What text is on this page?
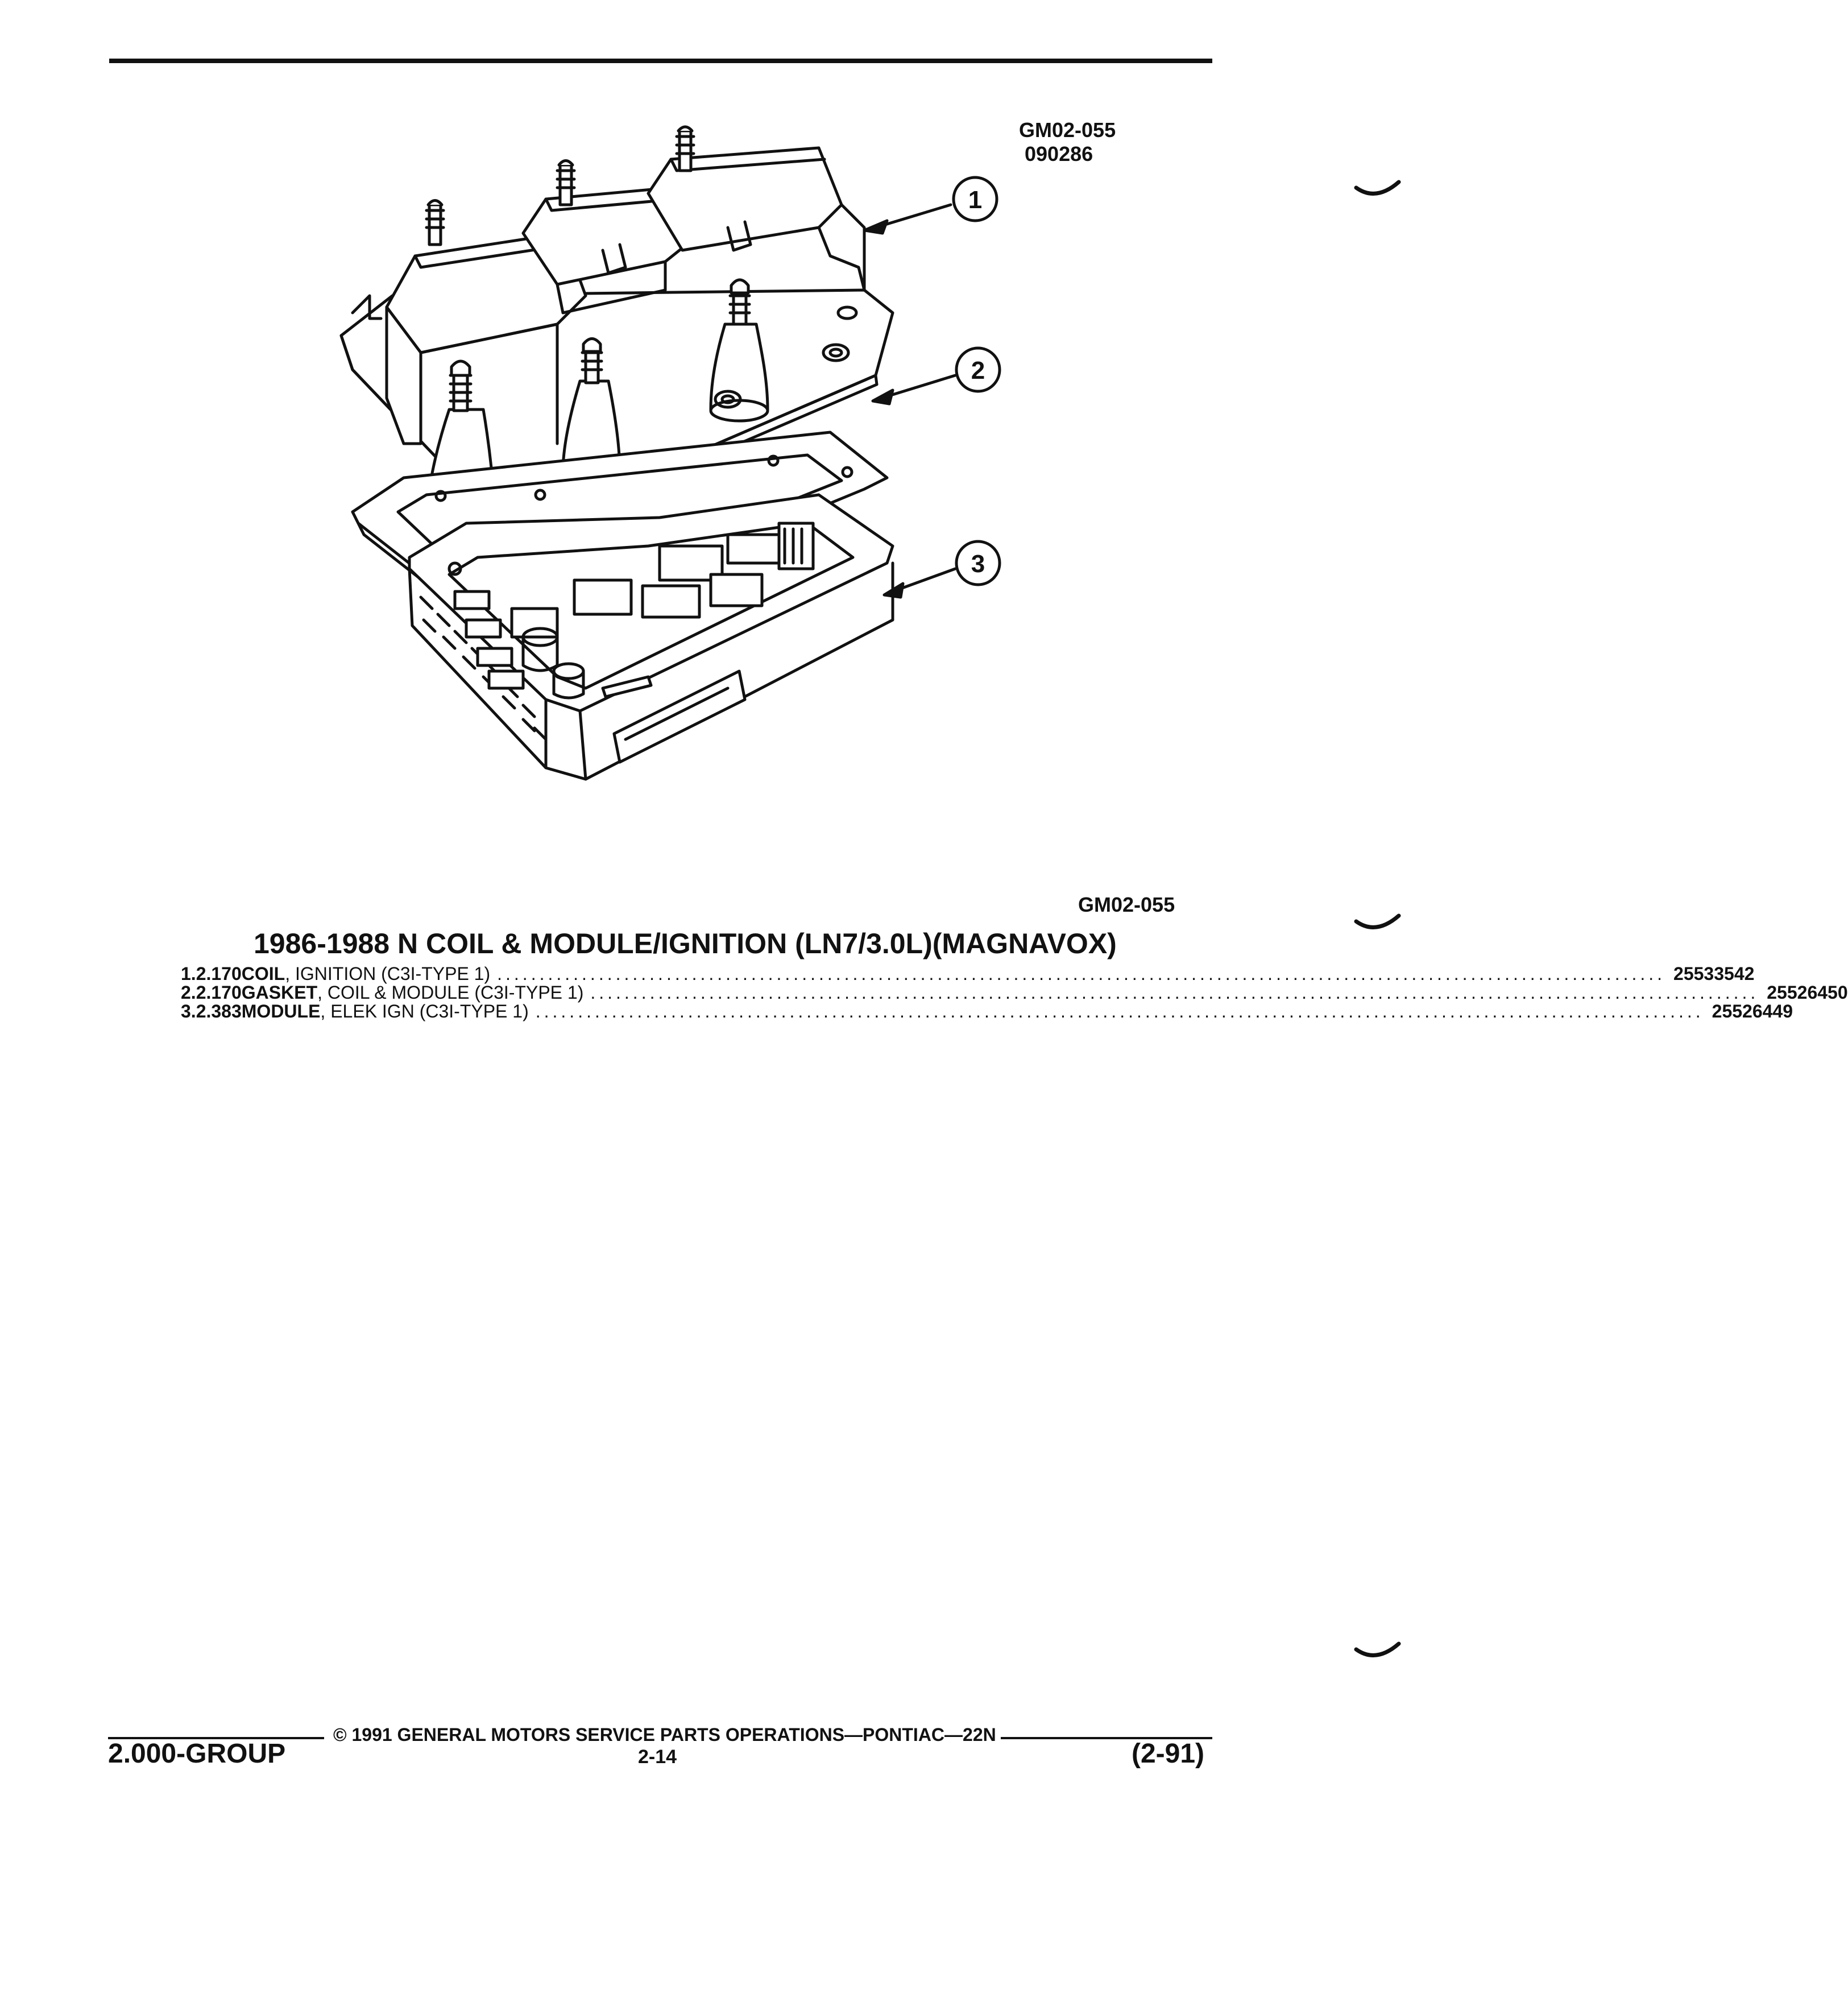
GM02-055
090286
1
2
3
GM02-055
1986-1988 N COIL & MODULE/IGNITION (LN7/3.0L)(MAGNAVOX)
1. 2.170 COIL, IGNITION (C3I-TYPE 1) .......................................................................................................................................... 25533542
2. 2.170 GASKET, COIL & MODULE (C3I-TYPE 1) .......................................................................................................................................... 25526450
3. 2.383 MODULE, ELEK IGN (C3I-TYPE 1) .......................................................................................................................................... 25526449
© 1991 GENERAL MOTORS SERVICE PARTS OPERATIONS—PONTIAC—22N
2.000-GROUP	2-14	(2-91)
